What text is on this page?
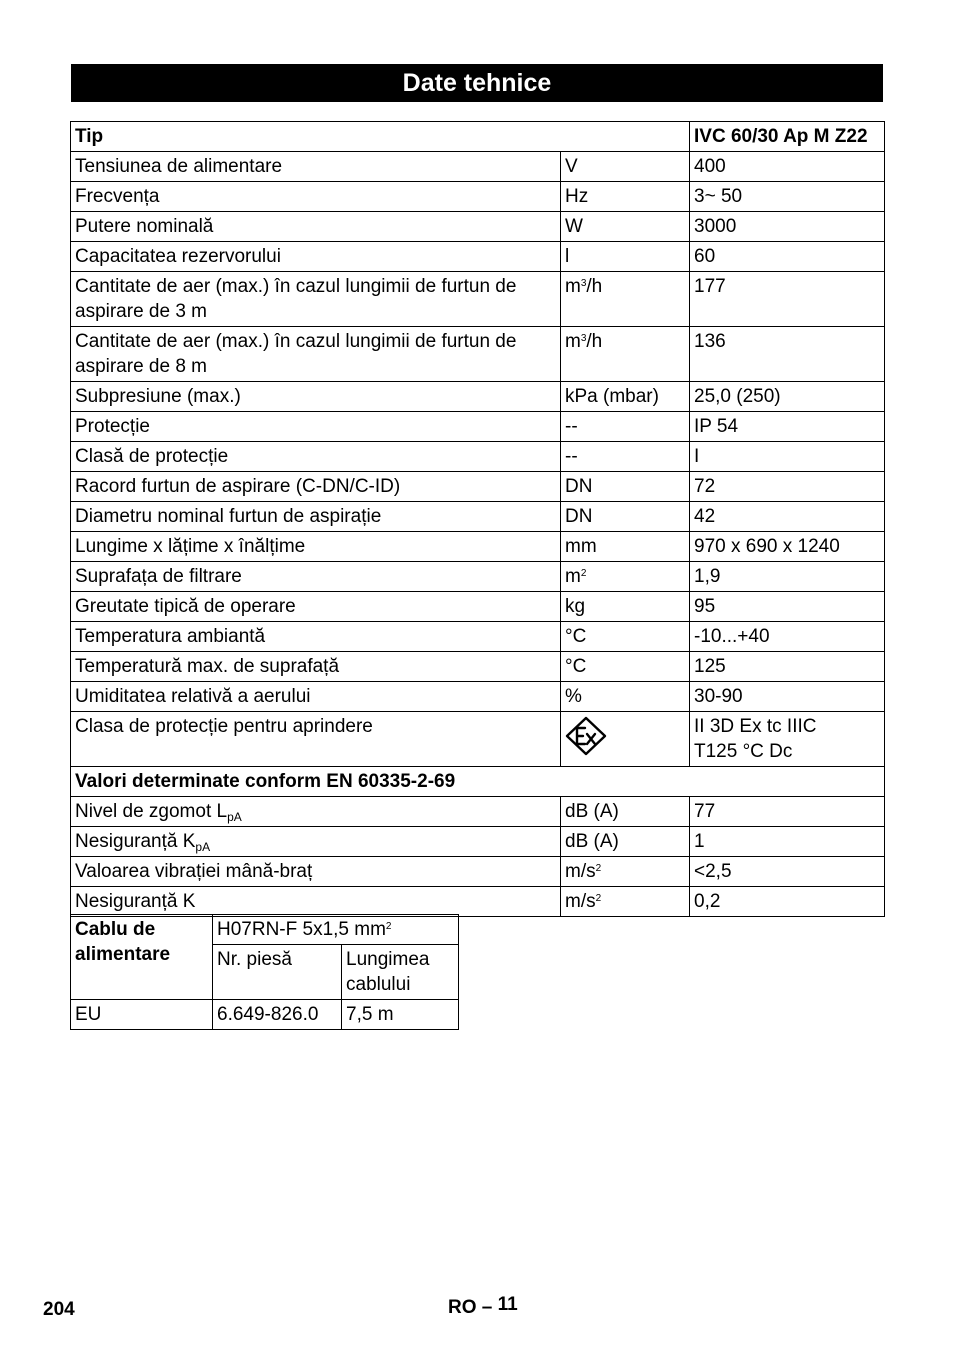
Date tehnice
Tip		IVC 60/30 Ap M Z22
Tensiunea de alimentare	V	400
Frecvența	Hz	3~ 50
Putere nominală	W	3000
Capacitatea rezervorului	l	60
Cantitate de aer (max.) în cazul lungimii de furtun de aspirare de 3 m	$m^3/h$	177
Cantitate de aer (max.) în cazul lungimii de furtun de aspirare de 8 m	$m^3/h$	136
Subpresiune (max.)	kPa (mbar)	25,0 (250)
Protecție	--	IP 54
Clasă de protecție	--	I
Racord furtun de aspirare (C-DN/C-ID)	DN	72
Diametru nominal furtun de aspirație	DN	42
Lungime x lățime x înălțime	mm	970 x 690 x 1240
Suprafața de filtrare	$m^2$	1,9
Greutate tipică de operare	kg	95
Temperatura ambiantă	°C	-10...+40
Temperatură max. de suprafață	°C	125
Umiditatea relativă a aerului	%	30-90
Clasa de protecție pentru aprindere		II 3D Ex tc IIIC
T125 °C Dc
Valori determinate conform EN 60335-2-69		
Nivel de zgomot $L_{pA}$	dB (A)	77
Nesiguranță $K_{pA}$	dB (A)	1
Valoarea vibrației mână-braț	$m/s^2$	<2,5
Nesiguranță K	$m/s^2$	0,2
Cablu de alimentare	H07RN-F 5x1,5 $mm^2$
	Nr. piesă	Lungimea cablului
EU	6.649-826.0	7,5 m
204	RO – 11
